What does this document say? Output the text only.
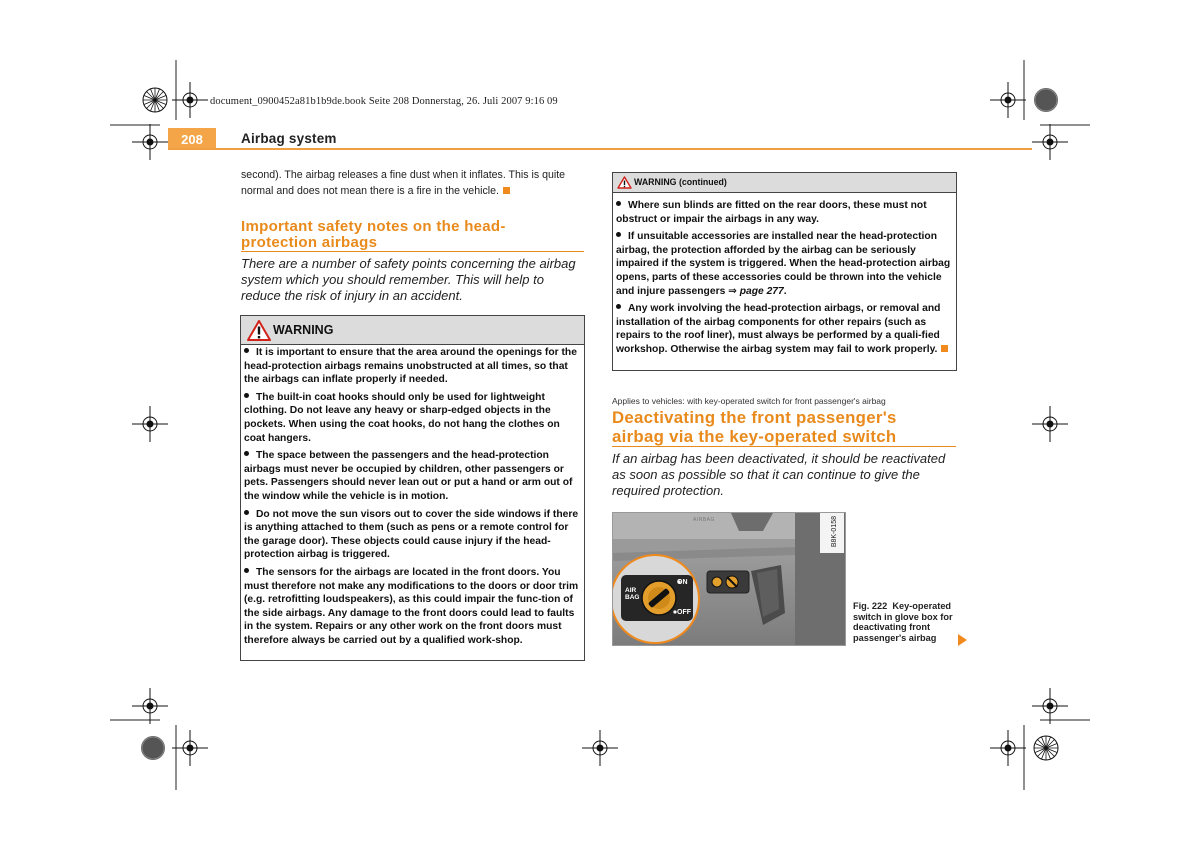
document_0900452a81b1b9de.book Seite 208 Donnerstag, 26. Juli 2007 9:16 09
208	Airbag system
second). The airbag releases a fine dust when it inflates. This is quite normal and does not mean there is a fire in the vehicle.
Important safety notes on the head-
protection airbags
There are a number of safety points concerning the airbag system which you should remember. This will help to reduce the risk of injury in an accident.
WARNING
It is important to ensure that the area around the openings for the head-protection airbags remains unobstructed at all times, so that the airbags can inflate properly if needed.
The built-in coat hooks should only be used for lightweight clothing. Do not leave any heavy or sharp-edged objects in the pockets. When using the coat hooks, do not hang the clothes on coat hangers.
The space between the passengers and the head-protection airbags must never be occupied by children, other passengers or pets. Passengers should never lean out or put a hand or arm out of the window while the vehicle is in motion.
Do not move the sun visors out to cover the side windows if there is anything attached to them (such as pens or a remote control for the garage door). These objects could cause injury if the head-protection airbag is triggered.
The sensors for the airbags are located in the front doors. You must therefore not make any modifications to the doors or door trim (e.g. retrofitting loudspeakers), as this could impair the func-tion of the side airbags. Any damage to the front doors could lead to faults in the system. Repairs or any other work on the front doors must therefore always be carried out by a qualified work-shop.
WARNING (continued)
Where sun blinds are fitted on the rear doors, these must not obstruct or impair the airbags in any way.
If unsuitable accessories are installed near the head-protection airbag, the protection afforded by the airbag can be seriously impaired if the system is triggered. When the head-protection airbag opens, parts of these accessories could be thrown into the vehicle and injure passengers ⇒ page 277.
Any work involving the head-protection airbags, or removal and installation of the airbag components for other repairs (such as repairs to the roof liner), must always be performed by a quali-fied workshop. Otherwise the airbag system may fail to work properly.
Applies to vehicles: with key-operated switch for front passenger's airbag
Deactivating the front passenger's
airbag via the key-operated switch
If an airbag has been deactivated, it should be reactivated as soon as possible so that it can continue to give the required protection.
B8K-0158
AIRBAG
AIR
BAG
ON
OFF
Fig. 222 Key-operated switch in glove box for deactivating front passenger's airbag
